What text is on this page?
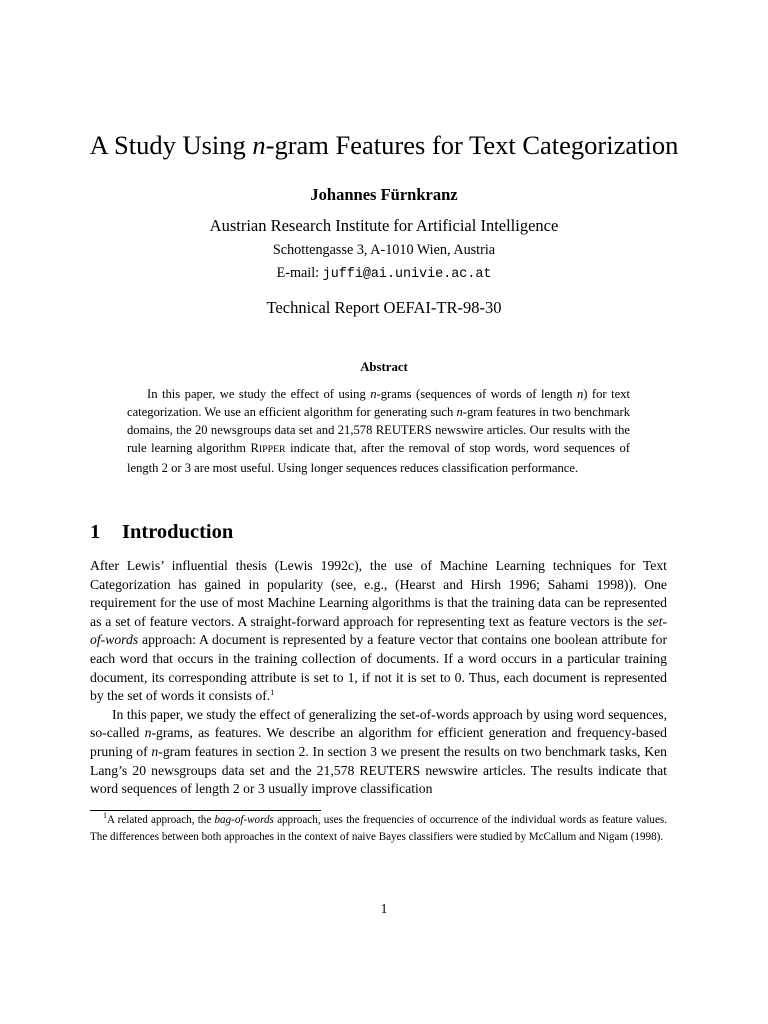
A Study Using n-gram Features for Text Categorization
Johannes Fürnkranz
Austrian Research Institute for Artificial Intelligence
Schottengasse 3, A-1010 Wien, Austria
E-mail: juffi@ai.univie.ac.at
Technical Report OEFAI-TR-98-30
Abstract

In this paper, we study the effect of using n-grams (sequences of words of length n) for text categorization. We use an efficient algorithm for generating such n-gram features in two benchmark domains, the 20 newsgroups data set and 21,578 REUTERS newswire articles. Our results with the rule learning algorithm RIPPER indicate that, after the removal of stop words, word sequences of length 2 or 3 are most useful. Using longer sequences reduces classification performance.

1 Introduction

After Lewis’ influential thesis (Lewis 1992c), the use of Machine Learning techniques for Text Categorization has gained in popularity (see, e.g., (Hearst and Hirsh 1996; Sahami 1998)). One requirement for the use of most Machine Learning algorithms is that the training data can be represented as a set of feature vectors. A straight-forward approach for representing text as feature vectors is the set-of-words approach: A document is represented by a feature vector that contains one boolean attribute for each word that occurs in the training collection of documents. If a word occurs in a particular training document, its corresponding attribute is set to 1, if not it is set to 0. Thus, each document is represented by the set of words it consists of.$^1$

In this paper, we study the effect of generalizing the set-of-words approach by using word sequences, so-called n-grams, as features. We describe an algorithm for efficient generation and frequency-based pruning of n-gram features in section 2. In section 3 we present the results on two benchmark tasks, Ken Lang’s 20 newsgroups data set and the 21,578 REUTERS newswire articles. The results indicate that word sequences of length 2 or 3 usually improve classification

$^1$A related approach, the bag-of-words approach, uses the frequencies of occurrence of the individual words as feature values. The differences between both approaches in the context of naive Bayes classifiers were studied by McCallum and Nigam (1998).

1
